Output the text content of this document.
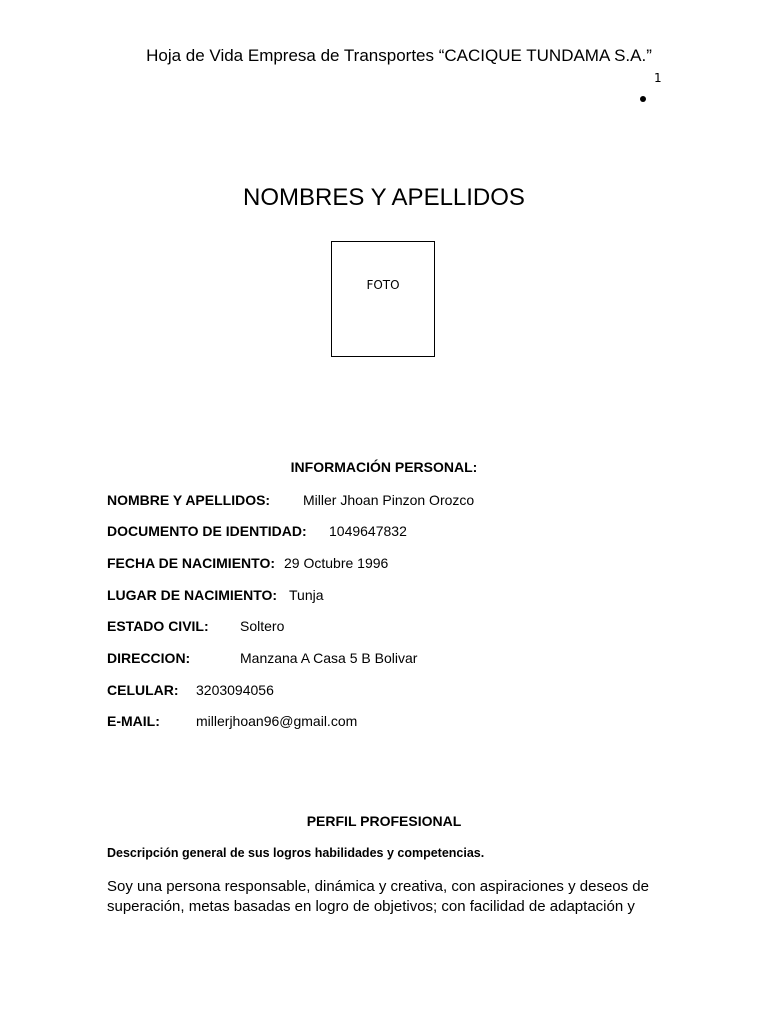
Hoja de Vida Empresa de Transportes “CACIQUE TUNDAMA S.A.”
1
NOMBRES Y APELLIDOS
FOTO
INFORMACIÓN PERSONAL:
NOMBRE Y APELLIDOS: Miller Jhoan Pinzon Orozco
DOCUMENTO DE IDENTIDAD: 1049647832
FECHA DE NACIMIENTO: 29 Octubre 1996
LUGAR DE NACIMIENTO: Tunja
ESTADO CIVIL: Soltero
DIRECCION:	Manzana A Casa 5 B Bolivar
CELULAR: 3203094056
E-MAIL:	millerjhoan96@gmail.com
PERFIL PROFESIONAL
Descripción general de sus logros habilidades y competencias.
Soy una persona responsable, dinámica y creativa, con aspiraciones y deseos de superación, metas basadas en logro de objetivos; con facilidad de adaptación y
